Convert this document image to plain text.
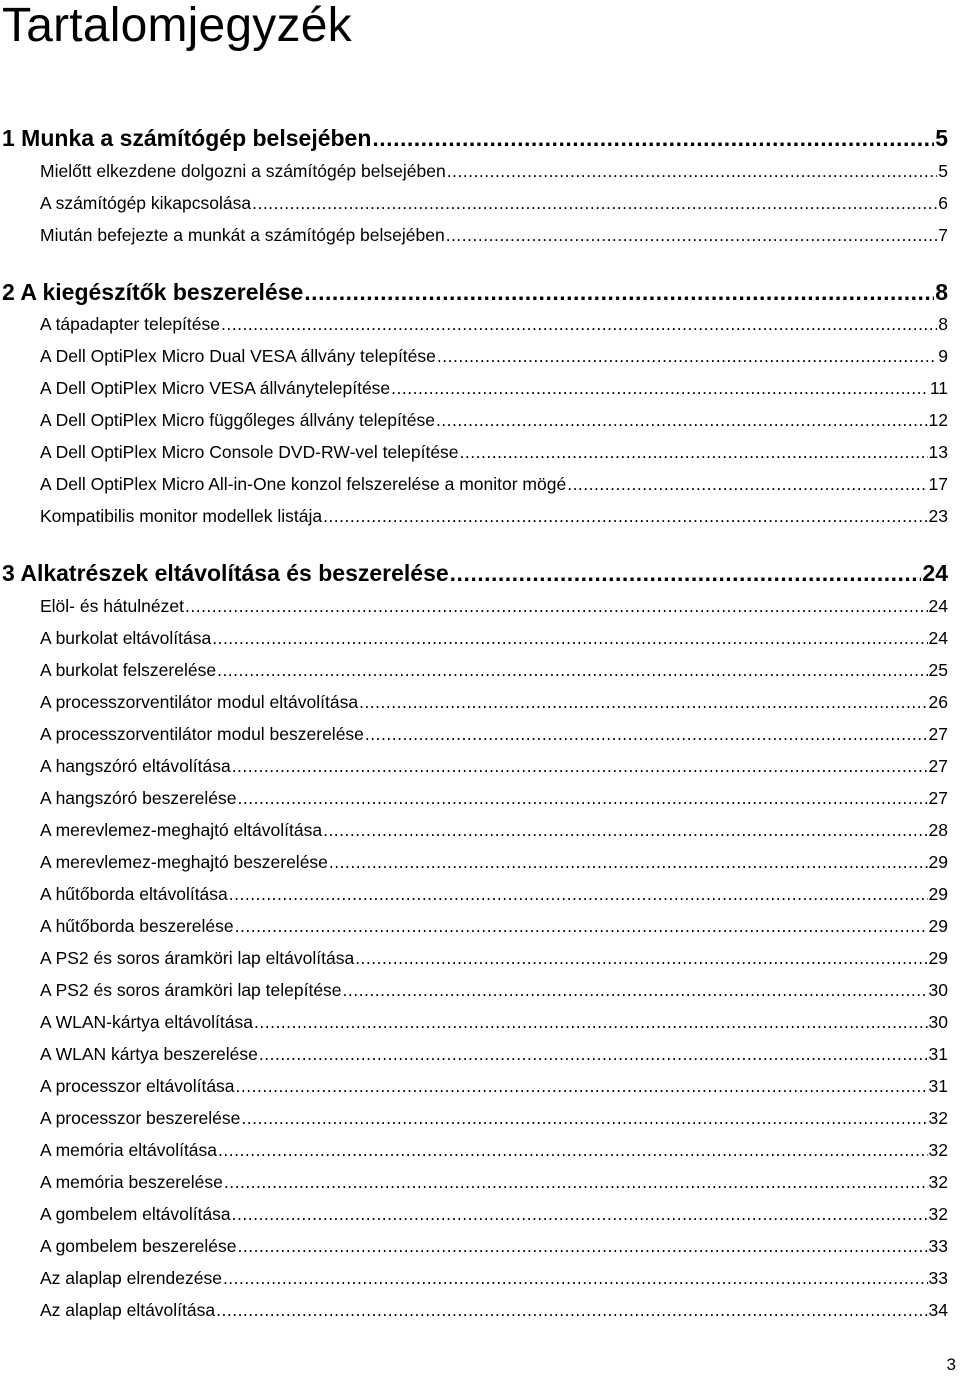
Tartalomjegyzék
1 Munka a számítógép belsejében .....	5
Mielőtt elkezdene dolgozni a számítógép belsejében .....	5
A számítógép kikapcsolása .....	6
Miután befejezte a munkát a számítógép belsejében .....	7
2 A kiegészítők beszerelése .....	8
A tápadapter telepítése .....	8
A Dell OptiPlex Micro Dual VESA állvány telepítése .....	9
A Dell OptiPlex Micro VESA állványtelepítése .....	11
A Dell OptiPlex Micro függőleges állvány telepítése .....	12
A Dell OptiPlex Micro Console DVD-RW-vel telepítése .....	13
A Dell OptiPlex Micro All-in-One konzol felszerelése a monitor mögé .....	17
Kompatibilis monitor modellek listája .....	23
3 Alkatrészek eltávolítása és beszerelése .....	24
Elöl- és hátulnézet .....	24
A burkolat eltávolítása .....	24
A burkolat felszerelése .....	25
A processzorventilátor modul eltávolítása .....	26
A processzorventilátor modul beszerelése .....	27
A hangszóró eltávolítása .....	27
A hangszóró beszerelése .....	27
A merevlemez-meghajtó eltávolítása .....	28
A merevlemez-meghajtó beszerelése .....	29
A hűtőborda eltávolítása .....	29
A hűtőborda beszerelése .....	29
A PS2 és soros áramköri lap eltávolítása .....	29
A PS2 és soros áramköri lap telepítése .....	30
A WLAN-kártya eltávolítása .....	30
A WLAN kártya beszerelése .....	31
A processzor eltávolítása .....	31
A processzor beszerelése .....	32
A memória eltávolítása .....	32
A memória beszerelése .....	32
A gombelem eltávolítása .....	32
A gombelem beszerelése .....	33
Az alaplap elrendezése .....	33
Az alaplap eltávolítása .....	34
3
